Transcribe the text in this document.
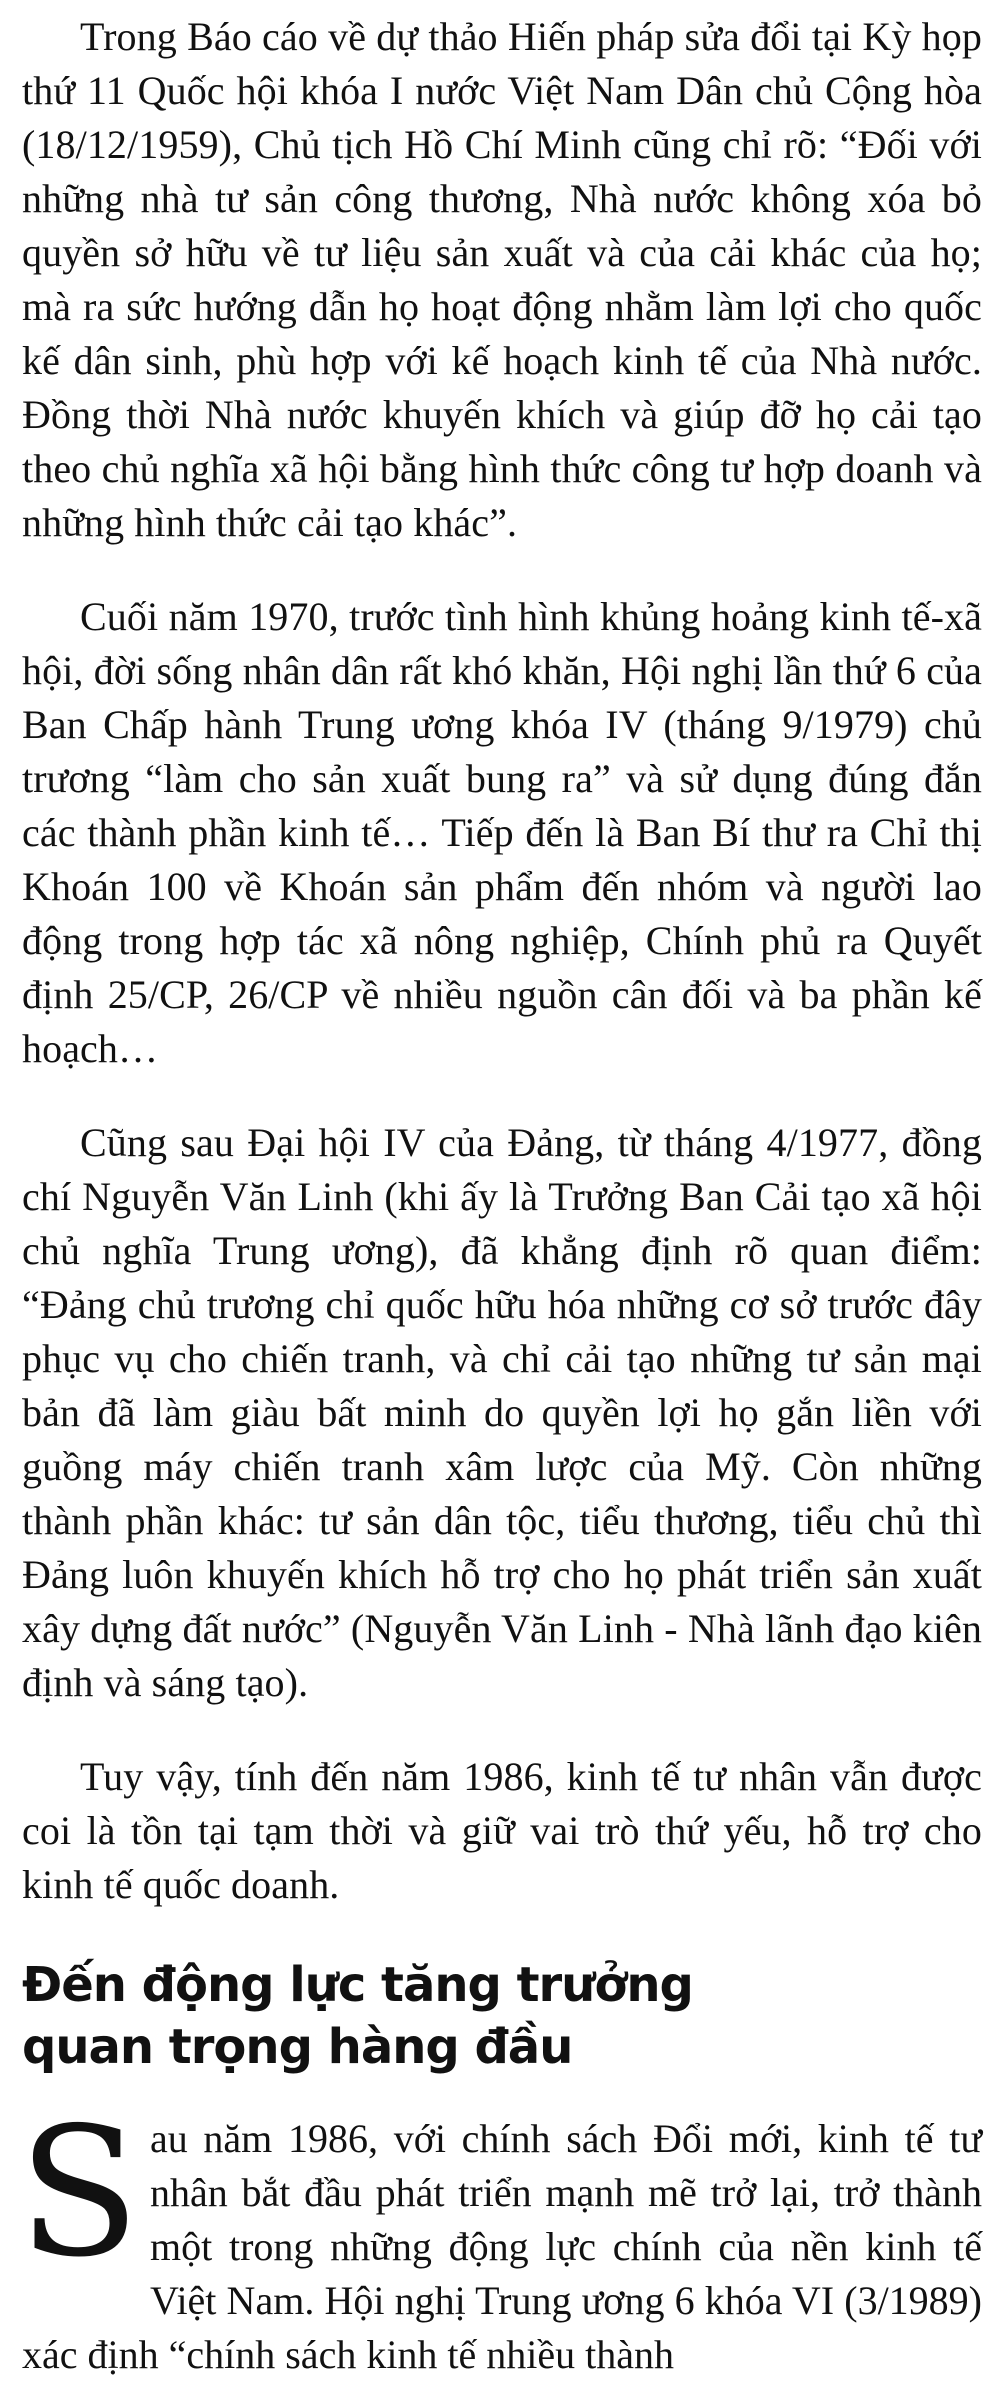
Trong Báo cáo về dự thảo Hiến pháp sửa đổi tại Kỳ họp thứ 11 Quốc hội khóa I nước Việt Nam Dân chủ Cộng hòa (18/12/1959), Chủ tịch Hồ Chí Minh cũng chỉ rõ: “Đối với những nhà tư sản công thương, Nhà nước không xóa bỏ quyền sở hữu về tư liệu sản xuất và của cải khác của họ; mà ra sức hướng dẫn họ hoạt động nhằm làm lợi cho quốc kế dân sinh, phù hợp với kế hoạch kinh tế của Nhà nước. Đồng thời Nhà nước khuyến khích và giúp đỡ họ cải tạo theo chủ nghĩa xã hội bằng hình thức công tư hợp doanh và những hình thức cải tạo khác”.

Cuối năm 1970, trước tình hình khủng hoảng kinh tế-xã hội, đời sống nhân dân rất khó khăn, Hội nghị lần thứ 6 của Ban Chấp hành Trung ương khóa IV (tháng 9/1979) chủ trương “làm cho sản xuất bung ra” và sử dụng đúng đắn các thành phần kinh tế… Tiếp đến là Ban Bí thư ra Chỉ thị Khoán 100 về Khoán sản phẩm đến nhóm và người lao động trong hợp tác xã nông nghiệp, Chính phủ ra Quyết định 25/CP, 26/CP về nhiều nguồn cân đối và ba phần kế hoạch…

Cũng sau Đại hội IV của Đảng, từ tháng 4/1977, đồng chí Nguyễn Văn Linh (khi ấy là Trưởng Ban Cải tạo xã hội chủ nghĩa Trung ương), đã khẳng định rõ quan điểm: “Đảng chủ trương chỉ quốc hữu hóa những cơ sở trước đây phục vụ cho chiến tranh, và chỉ cải tạo những tư sản mại bản đã làm giàu bất minh do quyền lợi họ gắn liền với guồng máy chiến tranh xâm lược của Mỹ. Còn những thành phần khác: tư sản dân tộc, tiểu thương, tiểu chủ thì Đảng luôn khuyến khích hỗ trợ cho họ phát triển sản xuất xây dựng đất nước” (Nguyễn Văn Linh - Nhà lãnh đạo kiên định và sáng tạo).

Tuy vậy, tính đến năm 1986, kinh tế tư nhân vẫn được coi là tồn tại tạm thời và giữ vai trò thứ yếu, hỗ trợ cho kinh tế quốc doanh.

Đến động lực tăng trưởng
quan trọng hàng đầu

Sau năm 1986, với chính sách Đổi mới, kinh tế tư nhân bắt đầu phát triển mạnh mẽ trở lại, trở thành một trong những động lực chính của nền kinh tế Việt Nam. Hội nghị Trung ương 6 khóa VI (3/1989) xác định “chính sách kinh tế nhiều thành
